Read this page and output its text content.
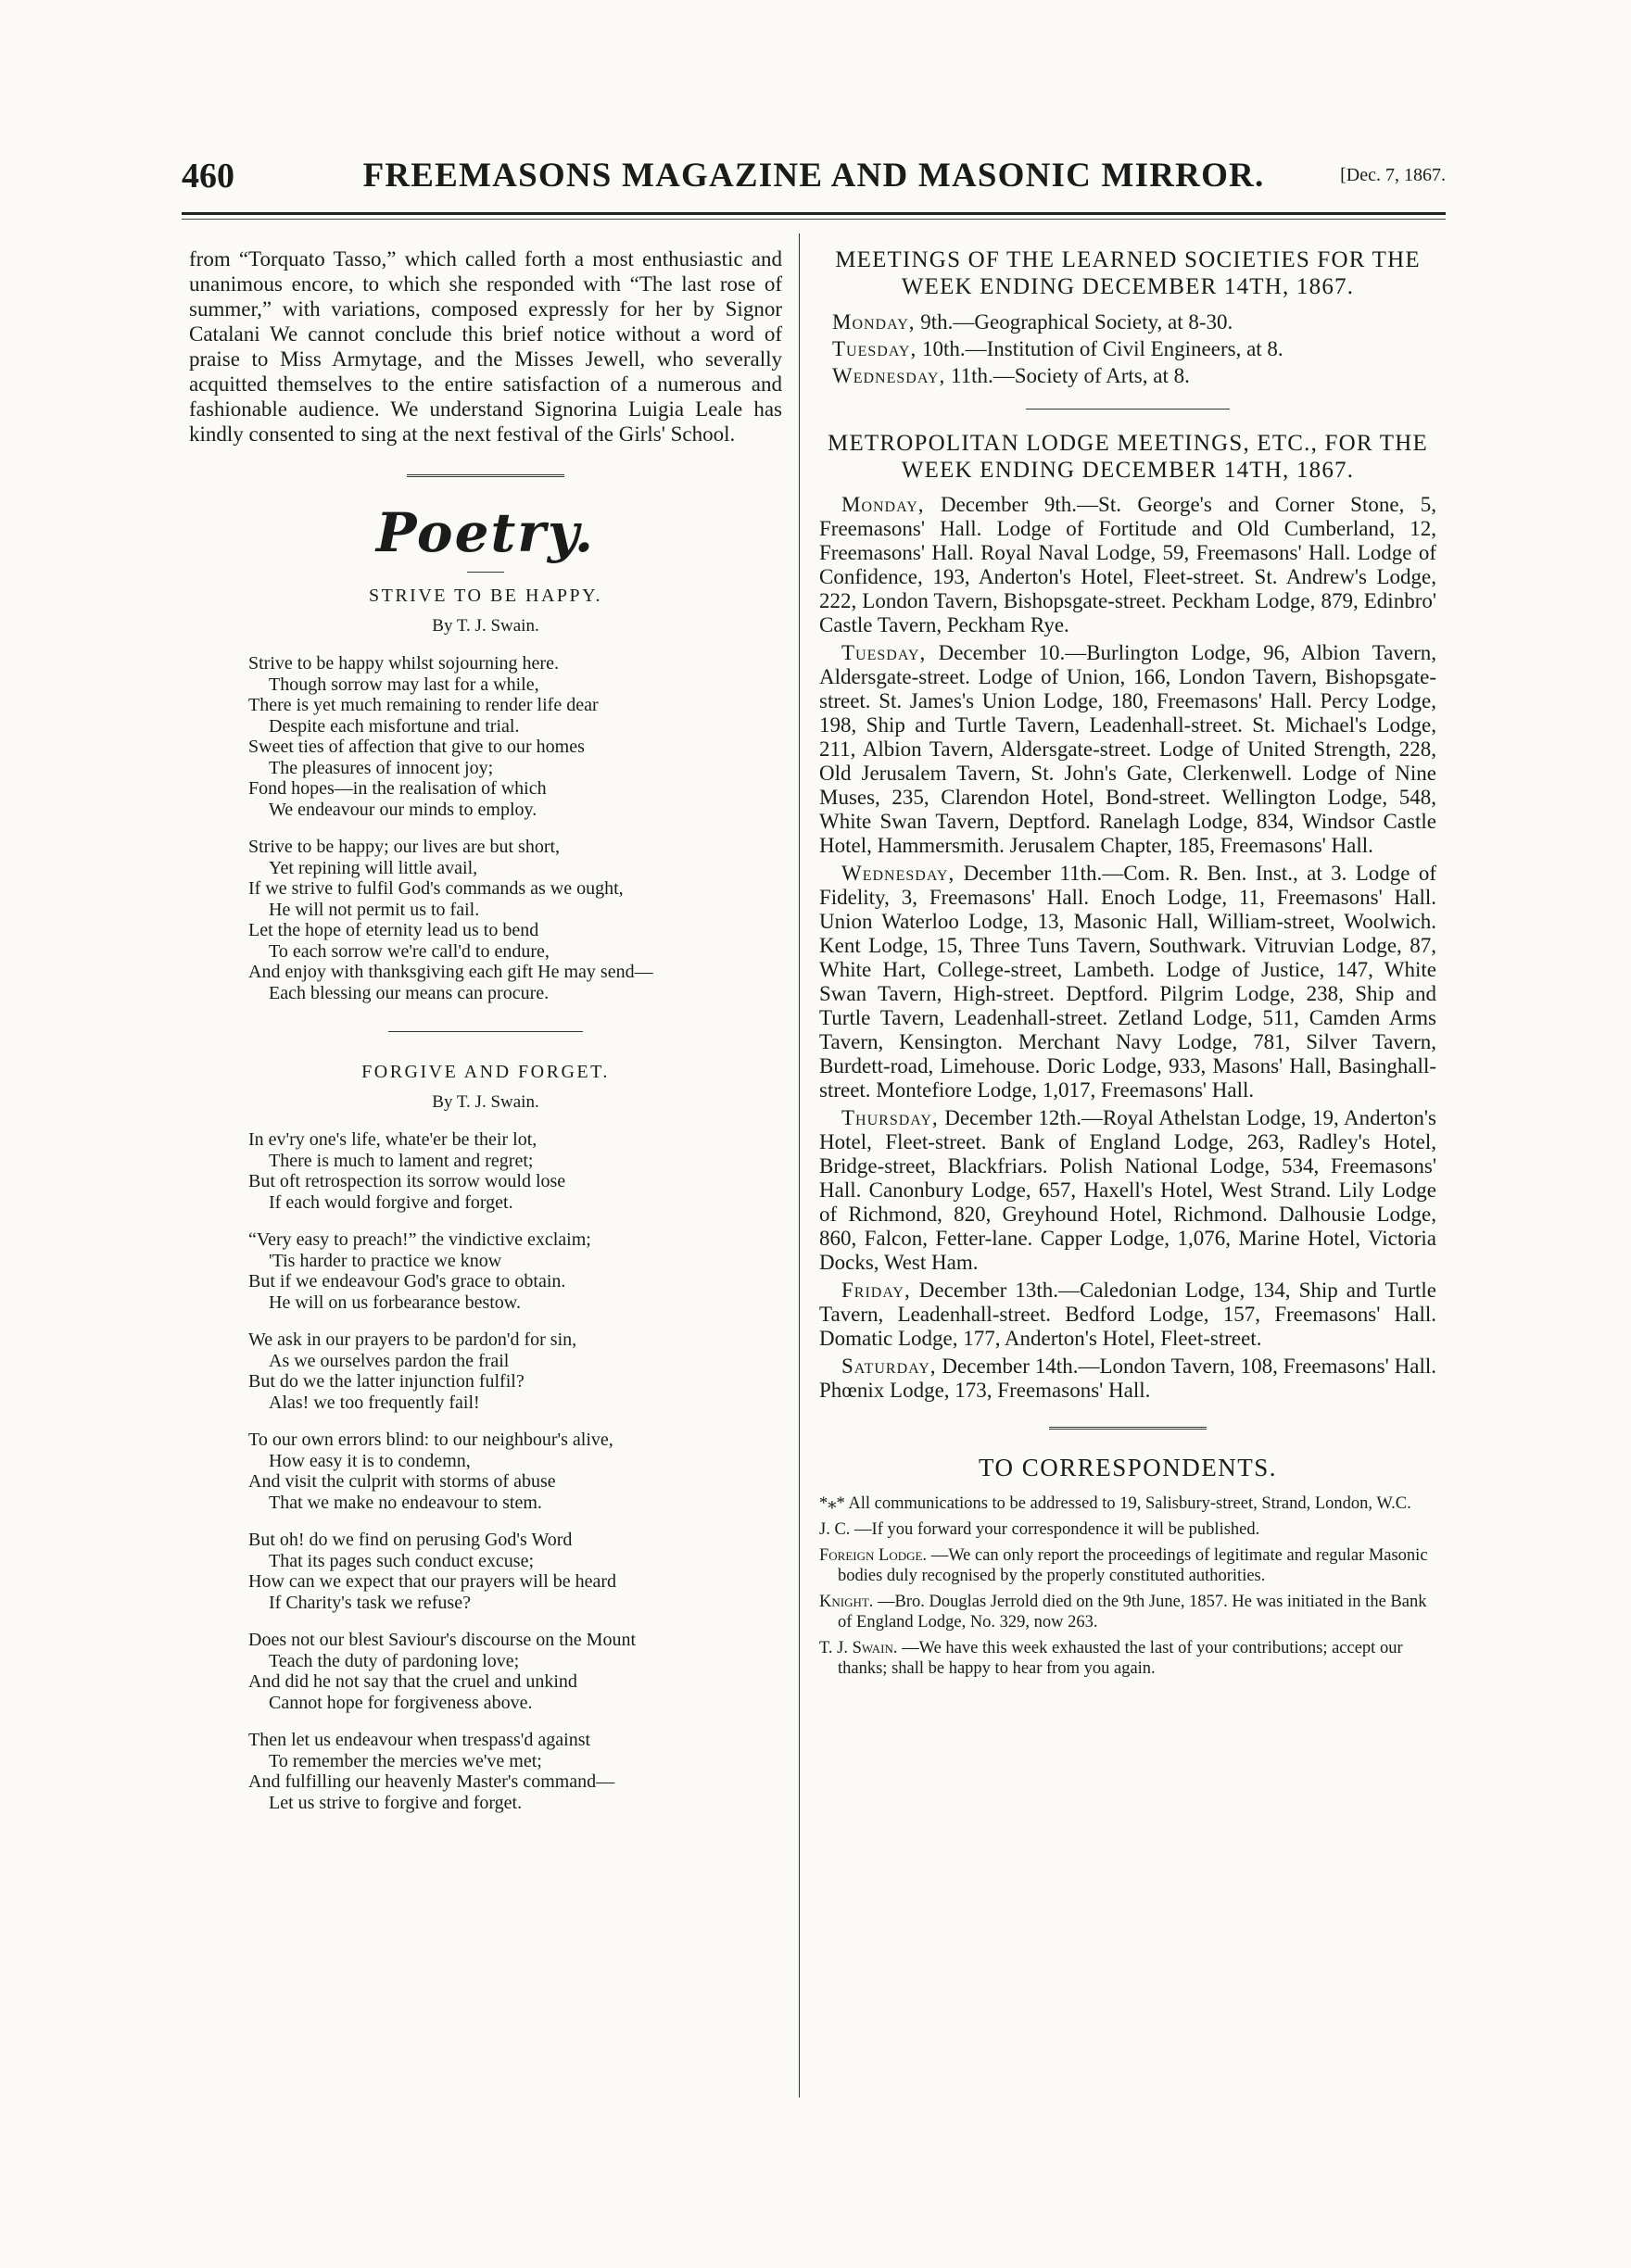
460	FREEMASONS MAGAZINE AND MASONIC MIRROR.	[Dec. 7, 1867.

from “Torquato Tasso,” which called forth a most enthusiastic and unanimous encore, to which she responded with “The last rose of summer,” with variations, composed expressly for her by Signor Catalani We cannot conclude this brief notice without a word of praise to Miss Armytage, and the Misses Jewell, who severally acquitted themselves to the entire satisfaction of a numerous and fashionable audience. We understand Signorina Luigia Leale has kindly consented to sing at the next festival of the Girls' School.

Poetry.
STRIVE TO BE HAPPY.
By T. J. Swain.
Strive to be happy whilst sojourning here.
Though sorrow may last for a while,
There is yet much remaining to render life dear
Despite each misfortune and trial.
Sweet ties of affection that give to our homes
The pleasures of innocent joy;
Fond hopes—in the realisation of which
We endeavour our minds to employ.
Strive to be happy; our lives are but short,
Yet repining will little avail,
If we strive to fulfil God's commands as we ought,
He will not permit us to fail.
Let the hope of eternity lead us to bend
To each sorrow we're call'd to endure,
And enjoy with thanksgiving each gift He may send—
Each blessing our means can procure.
FORGIVE AND FORGET.
By T. J. Swain.
In ev'ry one's life, whate'er be their lot,
There is much to lament and regret;
But oft retrospection its sorrow would lose
If each would forgive and forget.
“Very easy to preach!” the vindictive exclaim;
'Tis harder to practice we know
But if we endeavour God's grace to obtain.
He will on us forbearance bestow.
We ask in our prayers to be pardon'd for sin,
As we ourselves pardon the frail
But do we the latter injunction fulfil?
Alas! we too frequently fail!
To our own errors blind: to our neighbour's alive,
How easy it is to condemn,
And visit the culprit with storms of abuse
That we make no endeavour to stem.
But oh! do we find on perusing God's Word
That its pages such conduct excuse;
How can we expect that our prayers will be heard
If Charity's task we refuse?
Does not our blest Saviour's discourse on the Mount
Teach the duty of pardoning love;
And did he not say that the cruel and unkind
Cannot hope for forgiveness above.
Then let us endeavour when trespass'd against
To remember the mercies we've met;
And fulfilling our heavenly Master's command—
Let us strive to forgive and forget.
MEETINGS OF THE LEARNED SOCIETIES FOR THE WEEK ENDING DECEMBER 14TH, 1867.
Monday, 9th.—Geographical Society, at 8-30.
Tuesday, 10th.—Institution of Civil Engineers, at 8.
Wednesday, 11th.—Society of Arts, at 8.
METROPOLITAN LODGE MEETINGS, ETC., FOR THE WEEK ENDING DECEMBER 14TH, 1867.

Monday, December 9th.—St. George's and Corner Stone, 5, Freemasons' Hall. Lodge of Fortitude and Old Cumberland, 12, Freemasons' Hall. Royal Naval Lodge, 59, Freemasons' Hall. Lodge of Confidence, 193, Anderton's Hotel, Fleet-street. St. Andrew's Lodge, 222, London Tavern, Bishopsgate-street. Peckham Lodge, 879, Edinbro' Castle Tavern, Peckham Rye.

Tuesday, December 10.—Burlington Lodge, 96, Albion Tavern, Aldersgate-street. Lodge of Union, 166, London Tavern, Bishopsgate-street. St. James's Union Lodge, 180, Freemasons' Hall. Percy Lodge, 198, Ship and Turtle Tavern, Leadenhall-street. St. Michael's Lodge, 211, Albion Tavern, Aldersgate-street. Lodge of United Strength, 228, Old Jerusalem Tavern, St. John's Gate, Clerkenwell. Lodge of Nine Muses, 235, Clarendon Hotel, Bond-street. Wellington Lodge, 548, White Swan Tavern, Deptford. Ranelagh Lodge, 834, Windsor Castle Hotel, Hammersmith. Jerusalem Chapter, 185, Freemasons' Hall.

Wednesday, December 11th.—Com. R. Ben. Inst., at 3. Lodge of Fidelity, 3, Freemasons' Hall. Enoch Lodge, 11, Freemasons' Hall. Union Waterloo Lodge, 13, Masonic Hall, William-street, Woolwich. Kent Lodge, 15, Three Tuns Tavern, Southwark. Vitruvian Lodge, 87, White Hart, College-street, Lambeth. Lodge of Justice, 147, White Swan Tavern, High-street. Deptford. Pilgrim Lodge, 238, Ship and Turtle Tavern, Leadenhall-street. Zetland Lodge, 511, Camden Arms Tavern, Kensington. Merchant Navy Lodge, 781, Silver Tavern, Burdett-road, Limehouse. Doric Lodge, 933, Masons' Hall, Basinghall-street. Montefiore Lodge, 1,017, Freemasons' Hall.

Thursday, December 12th.—Royal Athelstan Lodge, 19, Anderton's Hotel, Fleet-street. Bank of England Lodge, 263, Radley's Hotel, Bridge-street, Blackfriars. Polish National Lodge, 534, Freemasons' Hall. Canonbury Lodge, 657, Haxell's Hotel, West Strand. Lily Lodge of Richmond, 820, Greyhound Hotel, Richmond. Dalhousie Lodge, 860, Falcon, Fetter-lane. Capper Lodge, 1,076, Marine Hotel, Victoria Docks, West Ham.

Friday, December 13th.—Caledonian Lodge, 134, Ship and Turtle Tavern, Leadenhall-street. Bedford Lodge, 157, Freemasons' Hall. Domatic Lodge, 177, Anderton's Hotel, Fleet-street.

Saturday, December 14th.—London Tavern, 108, Freemasons' Hall. Phœnix Lodge, 173, Freemasons' Hall.

TO CORRESPONDENTS.

*⁎* All communications to be addressed to 19, Salisbury-street, Strand, London, W.C.

J. C. —If you forward your correspondence it will be published.

Foreign Lodge. —We can only report the proceedings of legitimate and regular Masonic bodies duly recognised by the properly constituted authorities.

Knight. —Bro. Douglas Jerrold died on the 9th June, 1857. He was initiated in the Bank of England Lodge, No. 329, now 263.

T. J. Swain. —We have this week exhausted the last of your contributions; accept our thanks; shall be happy to hear from you again.
